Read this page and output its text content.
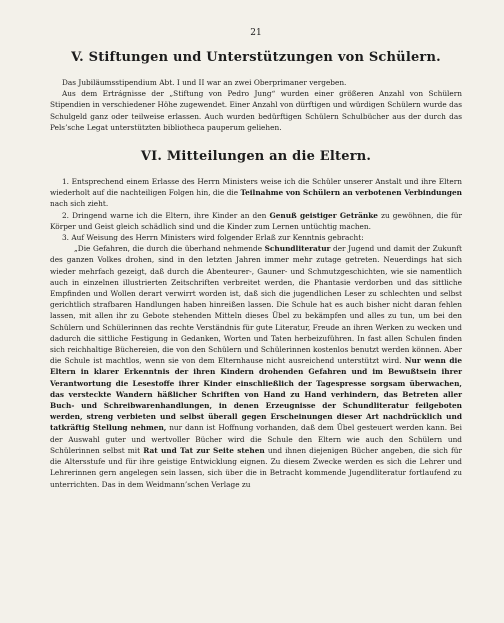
21
V. Stiftungen und Unterstützungen von Schülern.

Das Jubiläumsstipendium Abt. I und II war an zwei Oberprimaner vergeben.

Aus dem Ertrágnisse der „Stiftung von Pedro Jung“ wurden einer größeren Anzahl von Schülern Stipendien in verschiedener Höhe zugewendet. Einer Anzahl von dürftigen und würdigen Schülern wurde das Schulgeld ganz oder teilweise erlassen. Auch wurden bedürftigen Schülern Schulbücher aus der durch das Pels’sche Legat unterstützten bibliotheca pauperum geliehen.

VI. Mitteilungen an die Eltern.

1. Entsprechend einem Erlasse des Herrn Ministers weise ich die Schüler unserer Anstalt und ihre Eltern wiederholt auf die nachteiligen Folgen hin, die die Teilnahme von Schülern an verbotenen Verbindungen nach sich zieht.

2. Dringend warne ich die Eltern, ihre Kinder an den Genuß geistiger Getränke zu gewöhnen, die für Körper und Geist gleich schädlich sind und die Kinder zum Lernen untüchtig machen.

3. Auf Weisung des Herrn Ministers wird folgender Erlaß zur Kenntnis gebracht:

„Die Gefahren, die durch die überhand nehmende Schundliteratur der Jugend und damit der Zukunft des ganzen Volkes drohen, sind in den letzten Jahren immer mehr zutage getreten. Neuerdings hat sich wieder mehrfach gezeigt, daß durch die Abenteurer-, Gauner- und Schmutzgeschichten, wie sie namentlich auch in einzelnen illustrierten Zeitschriften verbreitet werden, die Phantasie verdorben und das sittliche Empfinden und Wollen derart verwirrt worden ist, daß sich die jugendlichen Leser zu schlechten und selbst gerichtlich strafbaren Handlungen haben hinreißen lassen. Die Schule hat es auch bisher nicht daran fehlen lassen, mit allen ihr zu Gebote stehenden Mitteln dieses Übel zu bekämpfen und alles zu tun, um bei den Schülern und Schülerinnen das rechte Verständnis für gute Literatur, Freude an ihren Werken zu wecken und dadurch die sittliche Festigung in Gedanken, Worten und Taten herbeizuführen. In fast allen Schulen finden sich reichhaltige Büchereien, die von den Schülern und Schülerinnen kostenlos benutzt werden können. Aber die Schule ist machtlos, wenn sie von dem Elternhause nicht ausreichend unterstützt wird. Nur wenn die Eltern in klarer Erkenntnis der ihren Kindern drohenden Gefahren und im Bewußtsein ihrer Verantwortung die Lesestoffe ihrer Kinder einschließlich der Tagespresse sorgsam überwachen, das versteckte Wandern häßlicher Schriften von Hand zu Hand verhindern, das Betreten aller Buch- und Schreibwarenhandlungen, in denen Erzeugnisse der Schundliteratur feilgeboten werden, streng verbieten und selbst überall gegen Erscheinungen dieser Art nachdrücklich und tatkräftig Stellung nehmen, nur dann ist Hoffnung vorhanden, daß dem Übel gesteuert werden kann. Bei der Auswahl guter und wertvoller Bücher wird die Schule den Eltern wie auch den Schülern und Schülerinnen selbst mit Rat und Tat zur Seite stehen und ihnen diejenigen Bücher angeben, die sich für die Altersstufe und für ihre geistige Entwicklung eignen. Zu diesem Zwecke werden es sich die Lehrer und Lehrerinnen gern angelegen sein lassen, sich über die in Betracht kommende Jugendliteratur fortlaufend zu unterrichten. Das in dem Weidmann’schen Verlage zu
